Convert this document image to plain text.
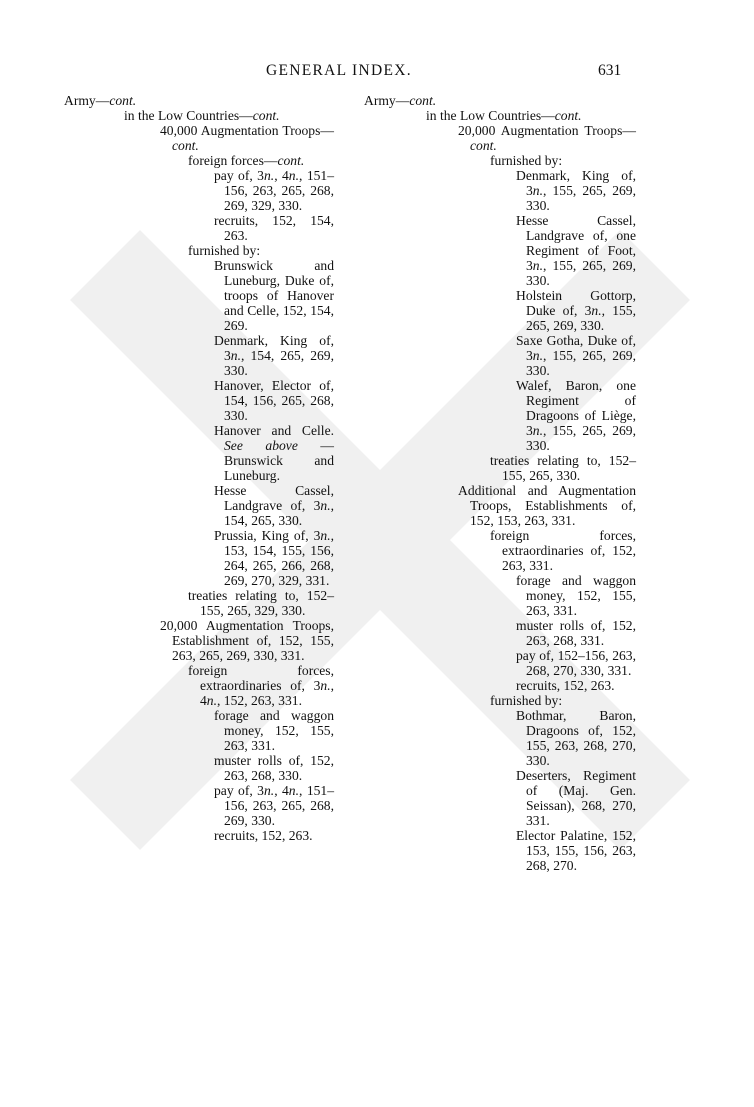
GENERAL INDEX.	631

Army—cont.

in the Low Countries—cont.

40,000 Augmentation Troops—cont.

foreign forces—cont.

pay of, 3n., 4n., 151–156, 263, 265, 268, 269, 329, 330.

recruits, 152, 154, 263.

furnished by:

Brunswick and Luneburg, Duke of, troops of Hanover and Celle, 152, 154, 269.

Denmark, King of, 3n., 154, 265, 269, 330.

Hanover, Elector of, 154, 156, 265, 268, 330.

Hanover and Celle. See above —Brunswick and Luneburg.

Hesse Cassel, Landgrave of, 3n., 154, 265, 330.

Prussia, King of, 3n., 153, 154, 155, 156, 264, 265, 266, 268, 269, 270, 329, 331.

treaties relating to, 152–155, 265, 329, 330.

20,000 Augmentation Troops, Establishment of, 152, 155, 263, 265, 269, 330, 331.

foreign forces, extraordinaries of, 3n., 4n., 152, 263, 331.

forage and waggon money, 152, 155, 263, 331.

muster rolls of, 152, 263, 268, 330.

pay of, 3n., 4n., 151–156, 263, 265, 268, 269, 330.

recruits, 152, 263.

Army—cont.

in the Low Countries—cont.

20,000 Augmentation Troops—cont.

furnished by:

Denmark, King of, 3n., 155, 265, 269, 330.

Hesse Cassel, Landgrave of, one Regiment of Foot, 3n., 155, 265, 269, 330.

Holstein Gottorp, Duke of, 3n., 155, 265, 269, 330.

Saxe Gotha, Duke of, 3n., 155, 265, 269, 330.

Walef, Baron, one Regiment of Dragoons of Liège, 3n., 155, 265, 269, 330.

treaties relating to, 152–155, 265, 330.

Additional and Augmentation Troops, Establishments of, 152, 153, 263, 331.

foreign forces, extraordinaries of, 152, 263, 331.

forage and waggon money, 152, 155, 263, 331.

muster rolls of, 152, 263, 268, 331.

pay of, 152–156, 263, 268, 270, 330, 331.

recruits, 152, 263.

furnished by:

Bothmar, Baron, Dragoons of, 152, 155, 263, 268, 270, 330.

Deserters, Regiment of (Maj. Gen. Seissan), 268, 270, 331.

Elector Palatine, 152, 153, 155, 156, 263, 268, 270.
